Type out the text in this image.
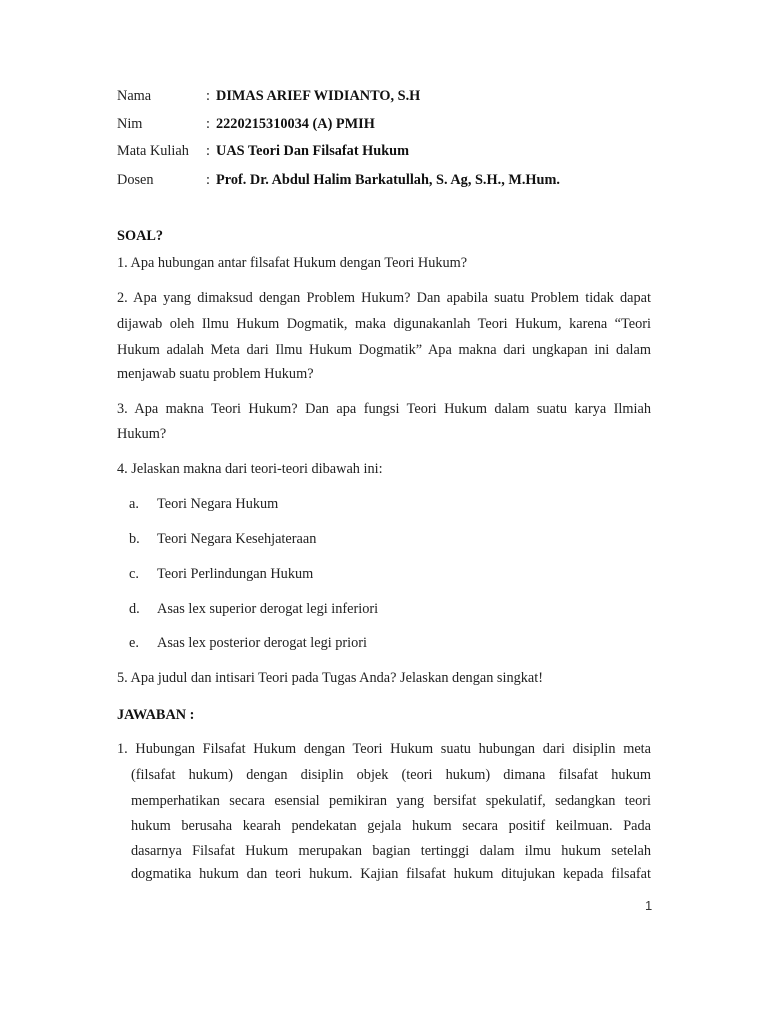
Nama	: DIMAS ARIEF WIDIANTO, S.H
Nim	: 2220215310034 (A) PMIH
Mata Kuliah : UAS Teori Dan Filsafat Hukum
Dosen	: Prof. Dr. Abdul Halim Barkatullah, S. Ag, S.H., M.Hum.
SOAL?
1. Apa hubungan antar filsafat Hukum dengan Teori Hukum?
2. Apa yang dimaksud dengan Problem Hukum? Dan apabila suatu Problem tidak dapat
dijawab oleh Ilmu Hukum Dogmatik, maka digunakanlah Teori Hukum, karena “Teori
Hukum adalah Meta dari Ilmu Hukum Dogmatik” Apa makna dari ungkapan ini dalam
menjawab suatu problem Hukum?
3. Apa makna Teori Hukum? Dan apa fungsi Teori Hukum dalam suatu karya Ilmiah
Hukum?
4. Jelaskan makna dari teori-teori dibawah ini:
a. Teori Negara Hukum
b. Teori Negara Kesehjateraan
c. Teori Perlindungan Hukum
d. Asas lex superior derogat legi inferiori
e. Asas lex posterior derogat legi priori
5. Apa judul dan intisari Teori pada Tugas Anda? Jelaskan dengan singkat!
JAWABAN :
1. Hubungan Filsafat Hukum dengan Teori Hukum suatu hubungan dari disiplin meta
(filsafat hukum) dengan disiplin objek (teori hukum) dimana filsafat hukum
memperhatikan secara esensial pemikiran yang bersifat spekulatif, sedangkan teori
hukum berusaha kearah pendekatan gejala hukum secara positif keilmuan. Pada
dasarnya Filsafat Hukum merupakan bagian tertinggi dalam ilmu hukum setelah
dogmatika hukum dan teori hukum. Kajian filsafat hukum ditujukan kepada filsafat
1
